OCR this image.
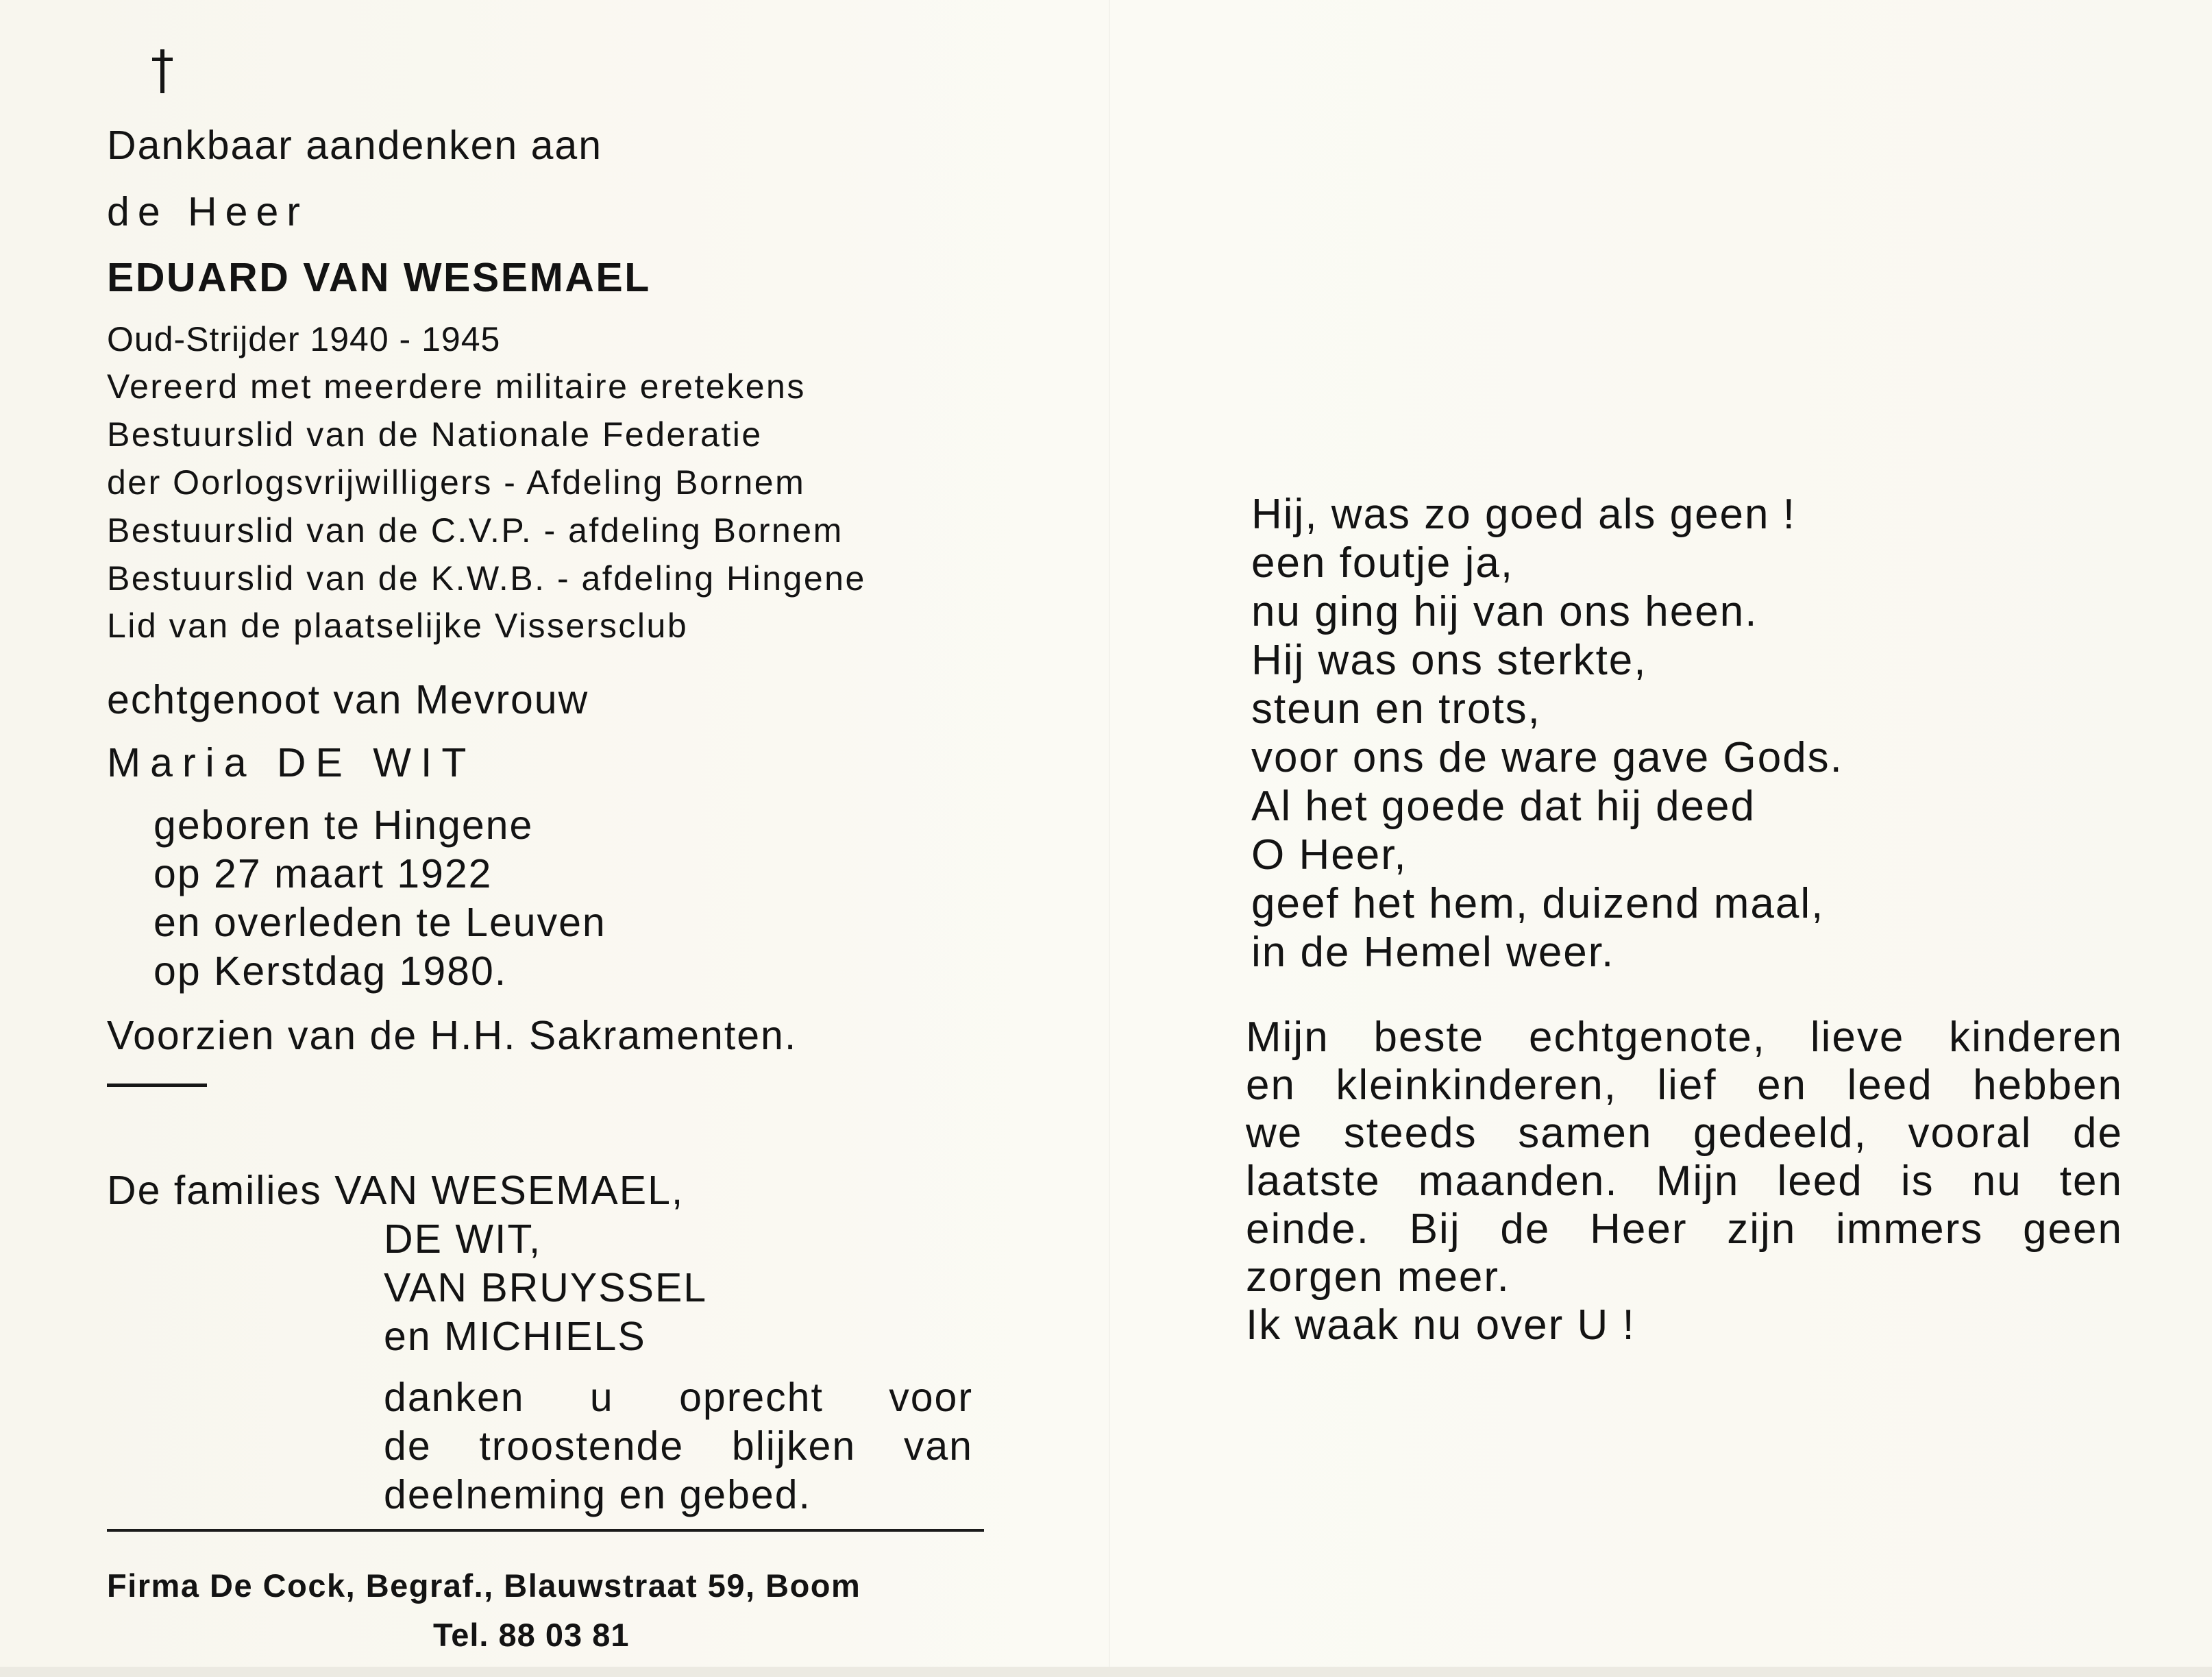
Dankbaar aandenken aan
de Heer
EDUARD VAN WESEMAEL
Oud-Strijder 1940 - 1945
Vereerd met meerdere militaire eretekens
Bestuurslid van de Nationale Federatie
der Oorlogsvrijwilligers - Afdeling Bornem
Bestuurslid van de C.V.P. - afdeling Bornem
Bestuurslid van de K.W.B. - afdeling Hingene
Lid van de plaatselijke Vissersclub
echtgenoot van Mevrouw
Maria DE WIT
geboren te Hingene
op 27 maart 1922
en overleden te Leuven
op Kerstdag 1980.
Voorzien van de H.H. Sakramenten.
De families VAN WESEMAEL,
DE WIT,
VAN BRUYSSEL
en MICHIELS
danken u oprecht voor
de troostende blijken van
deelneming en gebed.
Firma De Cock, Begraf., Blauwstraat 59, Boom
Tel. 88 03 81
Hij, was zo goed als geen !
een foutje ja,
nu ging hij van ons heen.
Hij was ons sterkte,
steun en trots,
voor ons de ware gave Gods.
Al het goede dat hij deed
O Heer,
geef het hem, duizend maal,
in de Hemel weer.
Mijn beste echtgenote, lieve kinderen
en kleinkinderen, lief en leed hebben
we steeds samen gedeeld, vooral de
laatste maanden. Mijn leed is nu ten
einde. Bij de Heer zijn immers geen
zorgen meer.
Ik waak nu over U !
